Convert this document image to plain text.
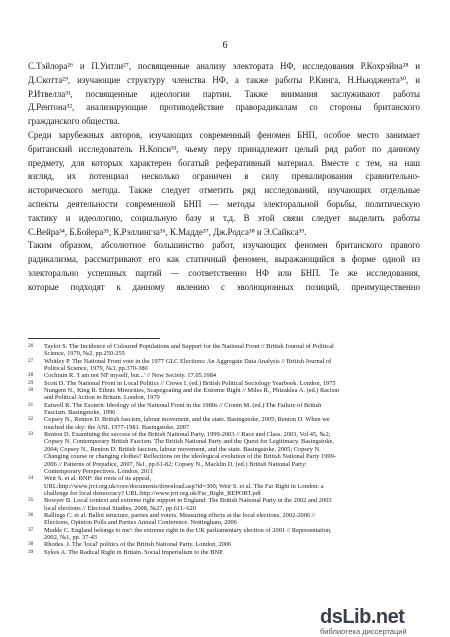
6
С.Тэйлора²⁶ и П.Уитли²⁷, посвященные анализу электората НФ, исследования Р.Кохрэйна²⁸ и
Д.Скотта²⁹, изучающие структуру членства НФ, а также работы Р.Кинга, Н.Ньюджента³⁰, и
Р.Итвелла³¹, посвященные идеологии партии. Также внимания заслуживают работы
Д.Рентона³², анализирующие противодействие праворадикалам со стороны британского
гражданского общества.
Среди зарубежных авторов, изучающих современный феномен БНП, особое место занимает
британский исследователь Н.Копси³³, чьему перу принадлежит целый ряд работ по данному
предмету, для которых характерен богатый реферативный материал. Вместе с тем, на наш
взгляд, их потенциал несколько ограничен в силу превалирования сравнительно-
исторического метода. Также следует отметить ряд исследований, изучающих отдельные
аспекты деятельности современной БНП — методы электоральной борьбы, политическую
тактику и идеологию, социальную базу и т.д. В этой связи следует выделить работы
С.Вейра³⁴, Б.Бойера³⁵, К.Рэллингза³⁶, К.Мадде³⁷, Дж.Родса³⁸ и Э.Сайкса³⁹.
Таким образом, абсолютное большинство работ, изучающих феномен британского правого
радикализма, рассматривают его как статичный феномен, выражающийся в форме одной из
электорально успешных партий — соответственно НФ или БНП. Те же исследования,
которые подходят к данному явлению с эволюционных позиций, преимущественно
26 Taylor S. The Incidence of Coloured Populations and Support for the National Front // British Journal of Political
Science, 1979, №2, pp.250-255
27 Whitley P. The National Front vote in the 1977 GLC Elections: An Aggregate Data Analysis // British Journal of
Political Science, 1979, №3, pp.370-380
28 Cochrain R. 'I am not NF myself, but...' // New Society. 17.05.1984
29 Scott D. The National Front in Local Politics // Crewe I. (ed.) British Political Sociology Yearbook. London, 1975
30 Nungent N., King R. Ethnic Minorities, Scapegoating and the Extreme Right // Miles R., Phizaklea A. (ed.) Racism
and Political Action in Britain. London, 1979
31 Eatwell R. The Esoteric Ideology of the National Front in the 1980s // Cronin M. (ed.) The Failure of British
Fascism. Basingstoke, 1996
32 Copsey N., Renton D. British fascism, labour movement, and the state. Basingstoke, 2005; Renton D. When we
touched the sky: the ANL 1977-1981. Basingstoke, 2007
33 Renton D. Examining the success of the British National Party, 1999-2003 // Race and Class. 2003, Vol.45, №2;
Copsey N. Contemporary British Fascism. The British National Party and the Quest for Legitimacy. Basingstoke,
2004; Copsey N., Renton D. British fascism, labour movement, and the state. Basingstoke, 2005; Copsey N.
Changing course or changing clothes? Reflections on the ideological evolution of the British National Party 1999-
2006 // Patterns of Prejudice, 2007, №1, pp.61-82; Copsey N., Macklin D. (ed.) British National Party:
Contemporary Perspectives. London, 2011
34 Weir S. et al. BNP: the roots of its appeal,
URL:http://www.jrct.org.uk/core/documents/download.asp?id=300; Weir S. et al. The Far Right in London: a
challenge for local democracy? URL:http://www.jrrt.org.uk/Far_Right_REPORT.pdf
35 Bowyer B. Local context and extreme right support in England: The British National Party in the 2002 and 2003
local elections // Electoral Studies, 2008, №27, pp.611–620
36 Rallings C. et al. Ballot structure, parties and voters. Measuring effects at the local elections, 2002-2006 //
Elections, Opinion Polls and Parties Annual Conference. Nottingham, 2006
37 Mudde C. England belongs to me': the extreme right in the UK parliamentary election of 2001 // Representation,
2002, №1, pp. 37-43
38 Rhodes. J. The 'local' politics of the British National Party. London, 2006
39 Sykes A. The Radical Right in Britain. Social Imperialism to the BNP.
dsLib.net
библиотека диссертаций
